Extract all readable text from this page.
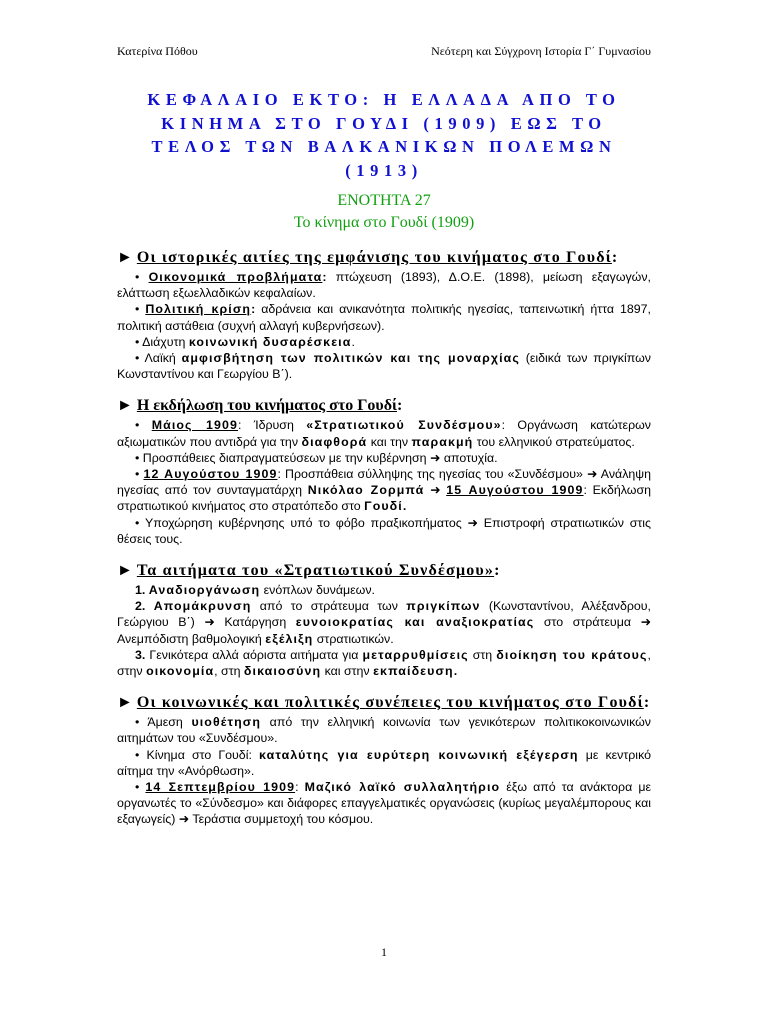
Κατερίνα Πόθου	Νεότερη και Σύγχρονη Ιστορία Γ΄ Γυμνασίου
ΚΕΦΑΛΑΙΟ ΕΚΤΟ: Η ΕΛΛΑΔΑ ΑΠΟ ΤΟ
ΚΙΝΗΜΑ ΣΤΟ ΓΟΥΔΙ (1909) ΕΩΣ ΤΟ
ΤΕΛΟΣ ΤΩΝ ΒΑΛΚΑΝΙΚΩΝ ΠΟΛΕΜΩΝ
(1913)
ΕΝΟΤΗΤΑ 27
Το κίνημα στο Γουδί (1909)
► Οι ιστορικές αιτίες της εμφάνισης του κινήματος στο Γουδί:

• Οικονομικά προβλήματα: πτώχευση (1893), Δ.Ο.Ε. (1898), μείωση εξαγωγών, ελάττωση εξωελλαδικών κεφαλαίων.

• Πολιτική κρίση: αδράνεια και ανικανότητα πολιτικής ηγεσίας, ταπεινωτική ήττα 1897, πολιτική αστάθεια (συχνή αλλαγή κυβερνήσεων).

• Διάχυτη κοινωνική δυσαρέσκεια.

• Λαϊκή αμφισβήτηση των πολιτικών και της μοναρχίας (ειδικά των πριγκίπων Κωνσταντίνου και Γεωργίου Β΄).

► Η εκδήλωση του κινήματος στο Γουδί:

• Μάιος 1909: Ίδρυση «Στρατιωτικού Συνδέσμου»: Οργάνωση κατώτερων αξιωματικών που αντιδρά για την διαφθορά και την παρακμή του ελληνικού στρατεύματος.

• Προσπάθειες διαπραγματεύσεων με την κυβέρνηση ➜ αποτυχία.

• 12 Αυγούστου 1909: Προσπάθεια σύλληψης της ηγεσίας του «Συνδέσμου» ➜ Ανάληψη ηγεσίας από τον συνταγματάρχη Νικόλαο Ζορμπά ➜ 15 Αυγούστου 1909: Εκδήλωση στρατιωτικού κινήματος στο στρατόπεδο στο Γουδί.

• Υποχώρηση κυβέρνησης υπό το φόβο πραξικοπήματος ➜ Επιστροφή στρατιωτικών στις θέσεις τους.

► Τα αιτήματα του «Στρατιωτικού Συνδέσμου»:

1. Αναδιοργάνωση ενόπλων δυνάμεων.

2. Απομάκρυνση από το στράτευμα των πριγκίπων (Κωνσταντίνου, Αλέξανδρου, Γεώργιου Β΄) ➜ Κατάργηση ευνοιοκρατίας και αναξιοκρατίας στο στράτευμα ➜ Ανεμπόδιστη βαθμολογική εξέλιξη στρατιωτικών.

3. Γενικότερα αλλά αόριστα αιτήματα για μεταρρυθμίσεις στη διοίκηση του κράτους, στην οικονομία, στη δικαιοσύνη και στην εκπαίδευση.

► Οι κοινωνικές και πολιτικές συνέπειες του κινήματος στο Γουδί:

• Άμεση υιοθέτηση από την ελληνική κοινωνία των γενικότερων πολιτικοκοινωνικών αιτημάτων του «Συνδέσμου».

• Κίνημα στο Γουδί: καταλύτης για ευρύτερη κοινωνική εξέγερση με κεντρικό αίτημα την «Ανόρθωση».

• 14 Σεπτεμβρίου 1909: Μαζικό λαϊκό συλλαλητήριο έξω από τα ανάκτορα με οργανωτές το «Σύνδεσμο» και διάφορες επαγγελματικές οργανώσεις (κυρίως μεγαλέμπορους και εξαγωγείς) ➜ Τεράστια συμμετοχή του κόσμου.

1
